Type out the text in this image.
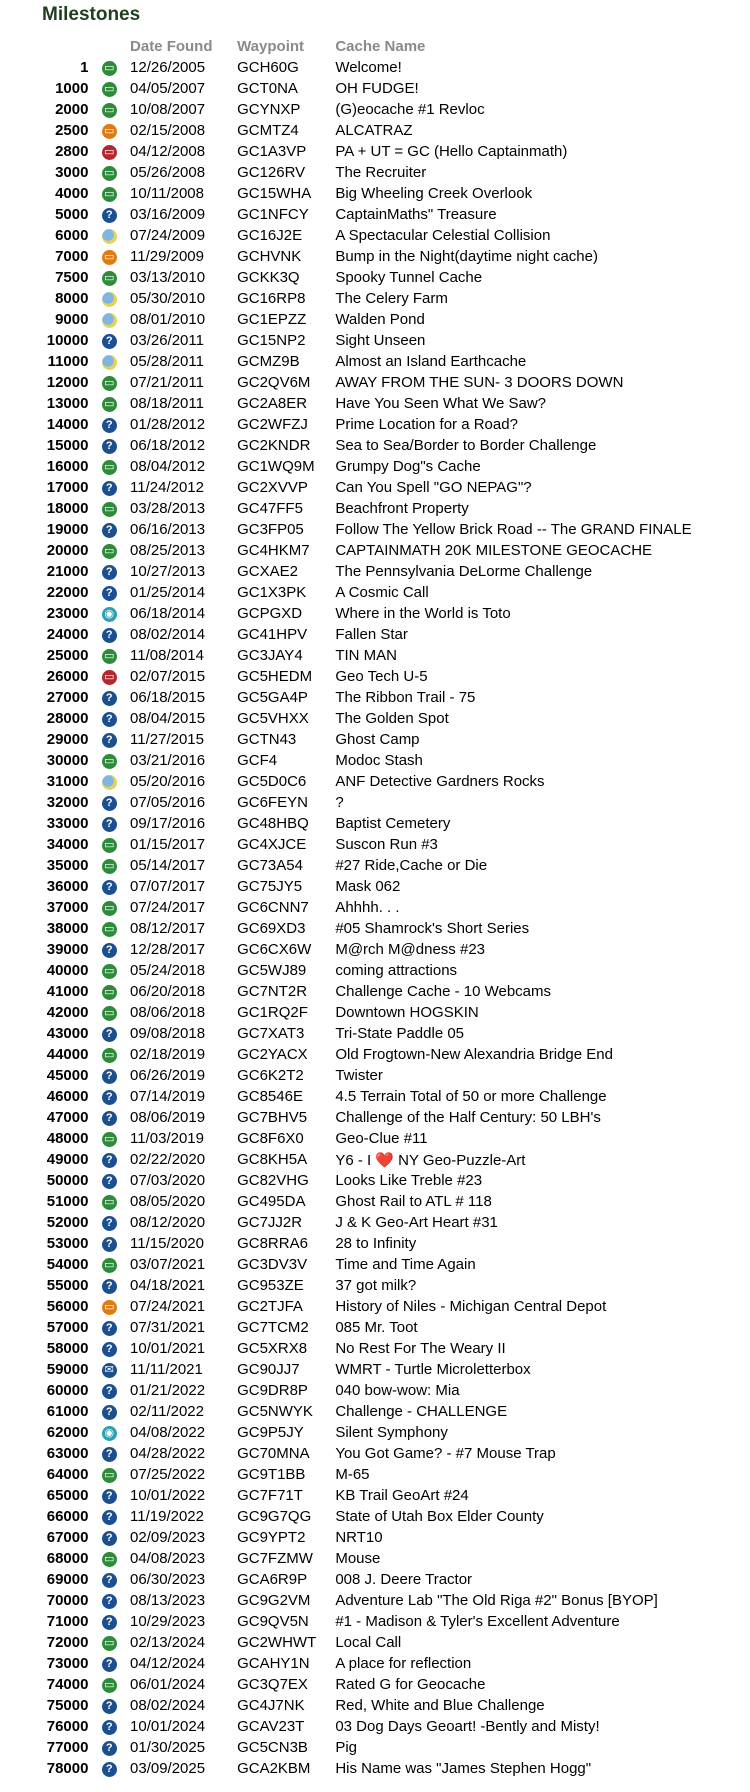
Milestones
		Date Found	Waypoint	Cache Name
1	▭	12/26/2005	GCH60G	Welcome!
1000	▭	04/05/2007	GCT0NA	OH FUDGE!
2000	▭	10/08/2007	GCYNXP	(G)eocache #1 Revloc
2500	▭	02/15/2008	GCMTZ4	ALCATRAZ
2800	▭	04/12/2008	GC1A3VP	PA + UT = GC (Hello Captainmath)
3000	▭	05/26/2008	GC126RV	The Recruiter
4000	▭	10/11/2008	GC15WHA	Big Wheeling Creek Overlook
5000	?	03/16/2009	GC1NFCY	CaptainMaths" Treasure
6000		07/24/2009	GC16J2E	A Spectacular Celestial Collision
7000	▭	11/29/2009	GCHVNK	Bump in the Night(daytime night cache)
7500	▭	03/13/2010	GCKK3Q	Spooky Tunnel Cache
8000		05/30/2010	GC16RP8	The Celery Farm
9000		08/01/2010	GC1EPZZ	Walden Pond
10000	?	03/26/2011	GC15NP2	Sight Unseen
11000		05/28/2011	GCMZ9B	Almost an Island Earthcache
12000	▭	07/21/2011	GC2QV6M	AWAY FROM THE SUN- 3 DOORS DOWN
13000	▭	08/18/2011	GC2A8ER	Have You Seen What We Saw?
14000	?	01/28/2012	GC2WFZJ	Prime Location for a Road?
15000	?	06/18/2012	GC2KNDR	Sea to Sea/Border to Border Challenge
16000	▭	08/04/2012	GC1WQ9M	Grumpy Dog"s Cache
17000	?	11/24/2012	GC2XVVP	Can You Spell "GO NEPAG"?
18000	▭	03/28/2013	GC47FF5	Beachfront Property
19000	?	06/16/2013	GC3FP05	Follow The Yellow Brick Road -- The GRAND FINALE
20000	▭	08/25/2013	GC4HKM7	CAPTAINMATH 20K MILESTONE GEOCACHE
21000	?	10/27/2013	GCXAE2	The Pennsylvania DeLorme Challenge
22000	?	01/25/2014	GC1X3PK	A Cosmic Call
23000	◉	06/18/2014	GCPGXD	Where in the World is Toto
24000	?	08/02/2014	GC41HPV	Fallen Star
25000	▭	11/08/2014	GC3JAY4	TIN MAN
26000	▭	02/07/2015	GC5HEDM	Geo Tech U-5
27000	?	06/18/2015	GC5GA4P	The Ribbon Trail - 75
28000	?	08/04/2015	GC5VHXX	The Golden Spot
29000	?	11/27/2015	GCTN43	Ghost Camp
30000	▭	03/21/2016	GCF4	Modoc Stash
31000		05/20/2016	GC5D0C6	ANF Detective Gardners Rocks
32000	?	07/05/2016	GC6FEYN	?
33000	?	09/17/2016	GC48HBQ	Baptist Cemetery
34000	▭	01/15/2017	GC4XJCE	Suscon Run #3
35000	▭	05/14/2017	GC73A54	#27 Ride,Cache or Die
36000	?	07/07/2017	GC75JY5	Mask 062
37000	▭	07/24/2017	GC6CNN7	Ahhhh. . .
38000	▭	08/12/2017	GC69XD3	#05 Shamrock's Short Series
39000	?	12/28/2017	GC6CX6W	M@rch M@dness #23
40000	▭	05/24/2018	GC5WJ89	coming attractions
41000	▭	06/20/2018	GC7NT2R	Challenge Cache - 10 Webcams
42000	▭	08/06/2018	GC1RQ2F	Downtown HOGSKIN
43000	?	09/08/2018	GC7XAT3	Tri-State Paddle 05
44000	▭	02/18/2019	GC2YACX	Old Frogtown-New Alexandria Bridge End
45000	?	06/26/2019	GC6K2T2	Twister
46000	?	07/14/2019	GC8546E	4.5 Terrain Total of 50 or more Challenge
47000	?	08/06/2019	GC7BHV5	Challenge of the Half Century: 50 LBH's
48000	▭	11/03/2019	GC8F6X0	Geo-Clue #11
49000	?	02/22/2020	GC8KH5A	Y6 - I ❤️ NY Geo-Puzzle-Art
50000	?	07/03/2020	GC82VHG	Looks Like Treble #23
51000	▭	08/05/2020	GC495DA	Ghost Rail to ATL # 118
52000	?	08/12/2020	GC7JJ2R	J & K Geo-Art Heart #31
53000	?	11/15/2020	GC8RRA6	28 to Infinity
54000	▭	03/07/2021	GC3DV3V	Time and Time Again
55000	?	04/18/2021	GC953ZE	37 got milk?
56000	▭	07/24/2021	GC2TJFA	History of Niles - Michigan Central Depot
57000	?	07/31/2021	GC7TCM2	085 Mr. Toot
58000	?	10/01/2021	GC5XRX8	No Rest For The Weary II
59000	✉	11/11/2021	GC90JJ7	WMRT - Turtle Microletterbox
60000	?	01/21/2022	GC9DR8P	040 bow-wow: Mia
61000	?	02/11/2022	GC5NWYK	Challenge - CHALLENGE
62000	◉	04/08/2022	GC9P5JY	Silent Symphony
63000	?	04/28/2022	GC70MNA	You Got Game? - #7 Mouse Trap
64000	▭	07/25/2022	GC9T1BB	M-65
65000	?	10/01/2022	GC7F71T	KB Trail GeoArt #24
66000	?	11/19/2022	GC9G7QG	State of Utah Box Elder County
67000	?	02/09/2023	GC9YPT2	NRT10
68000	▭	04/08/2023	GC7FZMW	Mouse
69000	?	06/30/2023	GCA6R9P	008 J. Deere Tractor
70000	?	08/13/2023	GC9G2VM	Adventure Lab "The Old Riga #2" Bonus [BYOP]
71000	?	10/29/2023	GC9QV5N	#1 - Madison & Tyler's Excellent Adventure
72000	▭	02/13/2024	GC2WHWT	Local Call
73000	?	04/12/2024	GCAHY1N	A place for reflection
74000	▭	06/01/2024	GC3Q7EX	Rated G for Geocache
75000	?	08/02/2024	GC4J7NK	Red, White and Blue Challenge
76000	?	10/01/2024	GCAV23T	03 Dog Days Geoart! -Bently and Misty!
77000	?	01/30/2025	GC5CN3B	Pig
78000	?	03/09/2025	GCA2KBM	His Name was "James Stephen Hogg"
